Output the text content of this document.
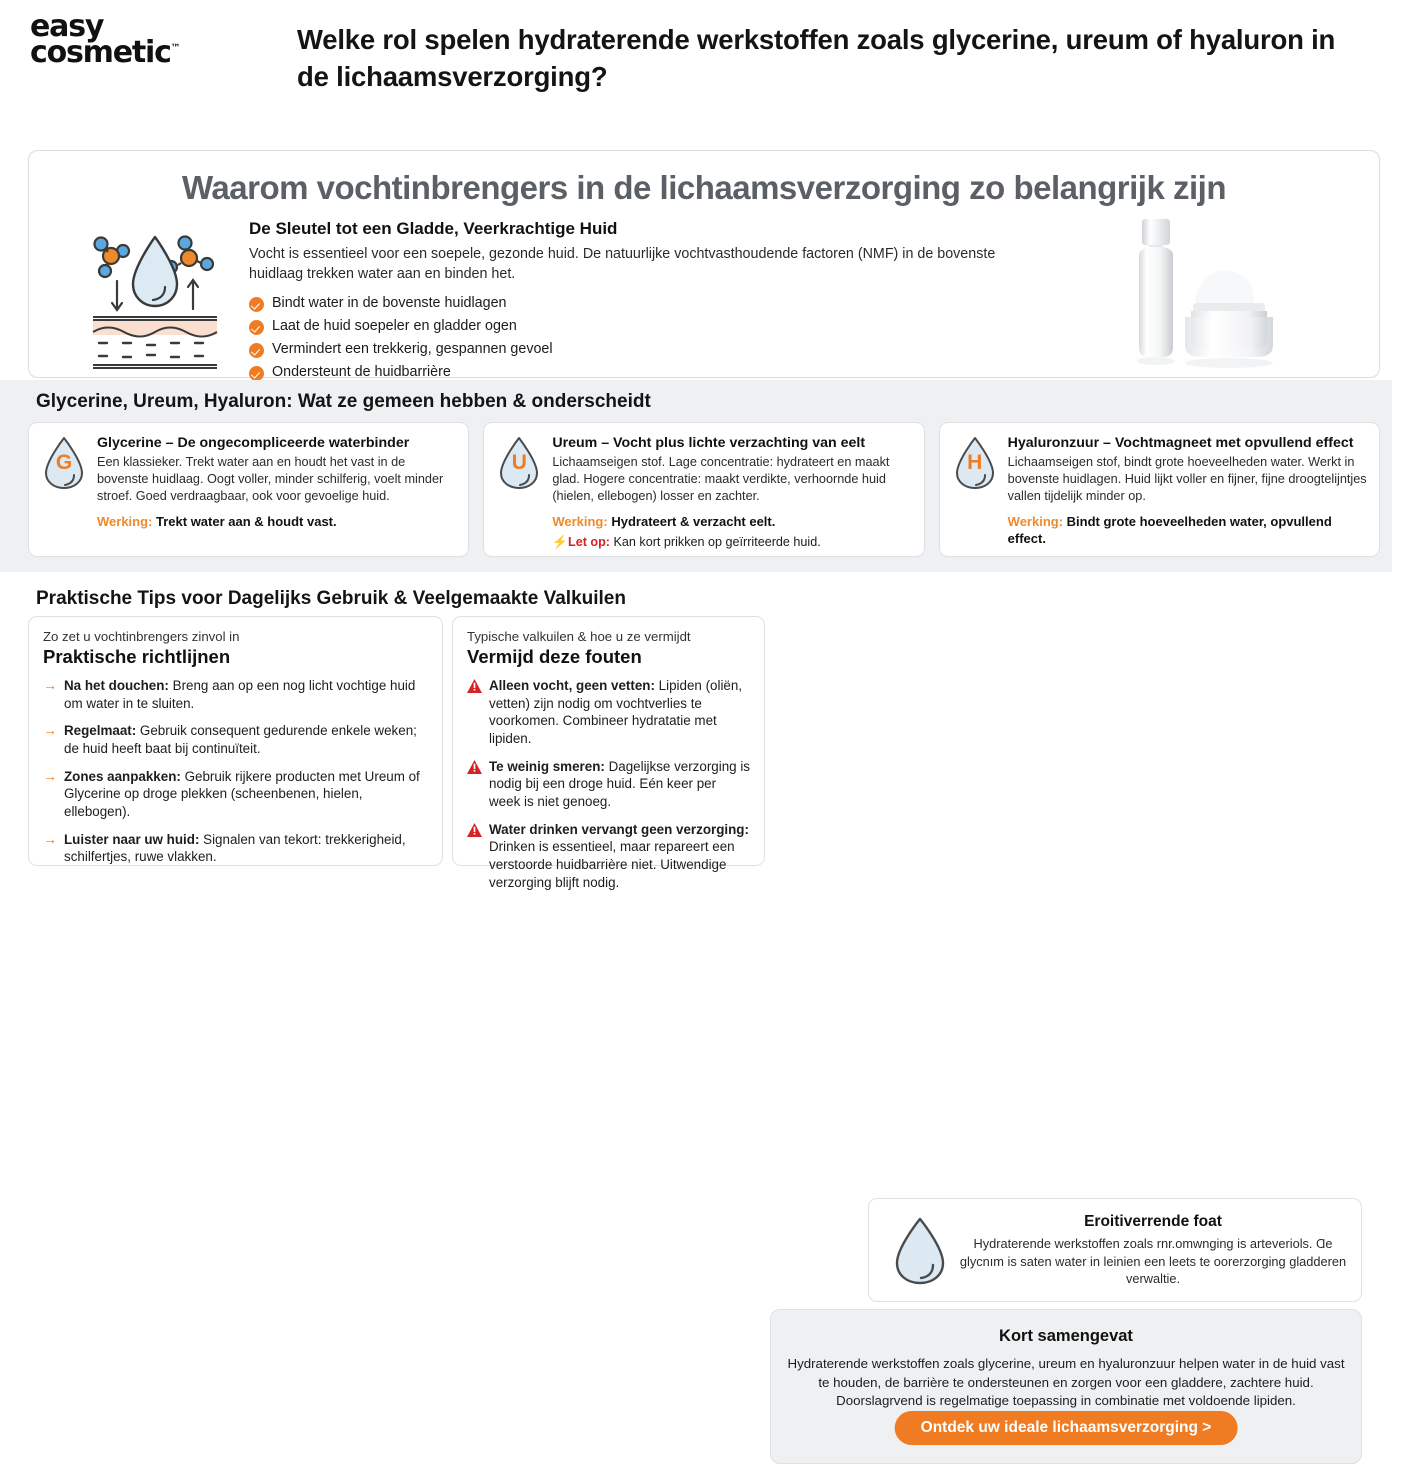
easy
cosmetic™	Welke rol spelen hydraterende werkstoffen zoals glycerine, ureum of hyaluron in de lichaamsverzorging?
Waarom vochtinbrengers in de lichaamsverzorging zo belangrijk zijn
De Sleutel tot een Gladde, Veerkrachtige Huid
Vocht is essentieel voor een soepele, gezonde huid. De natuurlijke vochtvasthoudende factoren (NMF) in de bovenste huidlaag trekken water aan en binden het.
Bindt water in de bovenste huidlagen
Laat de huid soepeler en gladder ogen
Vermindert een trekkerig, gespannen gevoel
Ondersteunt de huidbarrière
Glycerine, Ureum, Hyaluron: Wat ze gemeen hebben & onderscheidt
G
Glycerine – De ongecompliceerde waterbinder
Een klassieker. Trekt water aan en houdt het vast in de bovenste huidlaag. Oogt voller, minder schilferig, voelt minder stroef. Goed verdraagbaar, ook voor gevoelige huid.
Werking: Trekt water aan & houdt vast.
U
Ureum – Vocht plus lichte verzachting van eelt
Lichaamseigen stof. Lage concentratie: hydrateert en maakt glad. Hogere concentratie: maakt verdikte, verhoornde huid (hielen, ellebogen) losser en zachter.
Werking: Hydrateert & verzacht eelt.
⚡Let op: Kan kort prikken op geïrriteerde huid.
H
Hyaluronzuur – Vochtmagneet met opvullend effect
Lichaamseigen stof, bindt grote hoeveelheden water. Werkt in bovenste huidlagen. Huid lijkt voller en fijner, fijne droogtelijntjes vallen tijdelijk minder op.
Werking: Bindt grote hoeveelheden water, opvullend effect.
Praktische Tips voor Dagelijks Gebruik & Veelgemaakte Valkuilen
Zo zet u vochtinbrengers zinvol in
Praktische richtlijnen
→ Na het douchen: Breng aan op een nog licht vochtige huid om water in te sluiten.
→ Regelmaat: Gebruik consequent gedurende enkele weken; de huid heeft baat bij continuïteit.
→ Zones aanpakken: Gebruik rijkere producten met Ureum of Glycerine op droge plekken (scheenbenen, hielen, ellebogen).
→ Luister naar uw huid: Signalen van tekort: trekkerigheid, schilfertjes, ruwe vlakken.
Typische valkuilen & hoe u ze vermijdt
Vermijd deze fouten
Alleen vocht, geen vetten: Lipiden (oliën, vetten) zijn nodig om vochtverlies te voorkomen. Combineer hydratatie met lipiden.
Te weinig smeren: Dagelijkse verzorging is nodig bij een droge huid. Eén keer per week is niet genoeg.
Water drinken vervangt geen verzorging: Drinken is essentieel, maar repareert een verstoorde huidbarrière niet. Uitwendige verzorging blijft nodig.
Eroitiverrende foat
Hydraterende werkstoffen zoals rnr.omwnging is arteveriols. Ɑe glycnım is saten water in leinien een leets te oorerzorging gladderen verwaltie.
Kort samengevat
Hydraterende werkstoffen zoals glycerine, ureum en hyaluronzuur helpen water in de huid vast te houden, de barrière te ondersteunen en zorgen voor een gladdere, zachtere huid. Doorslagrvend is regelmatige toepassing in combinatie met voldoende lipiden.
Ontdek uw ideale lichaamsverzorging >
